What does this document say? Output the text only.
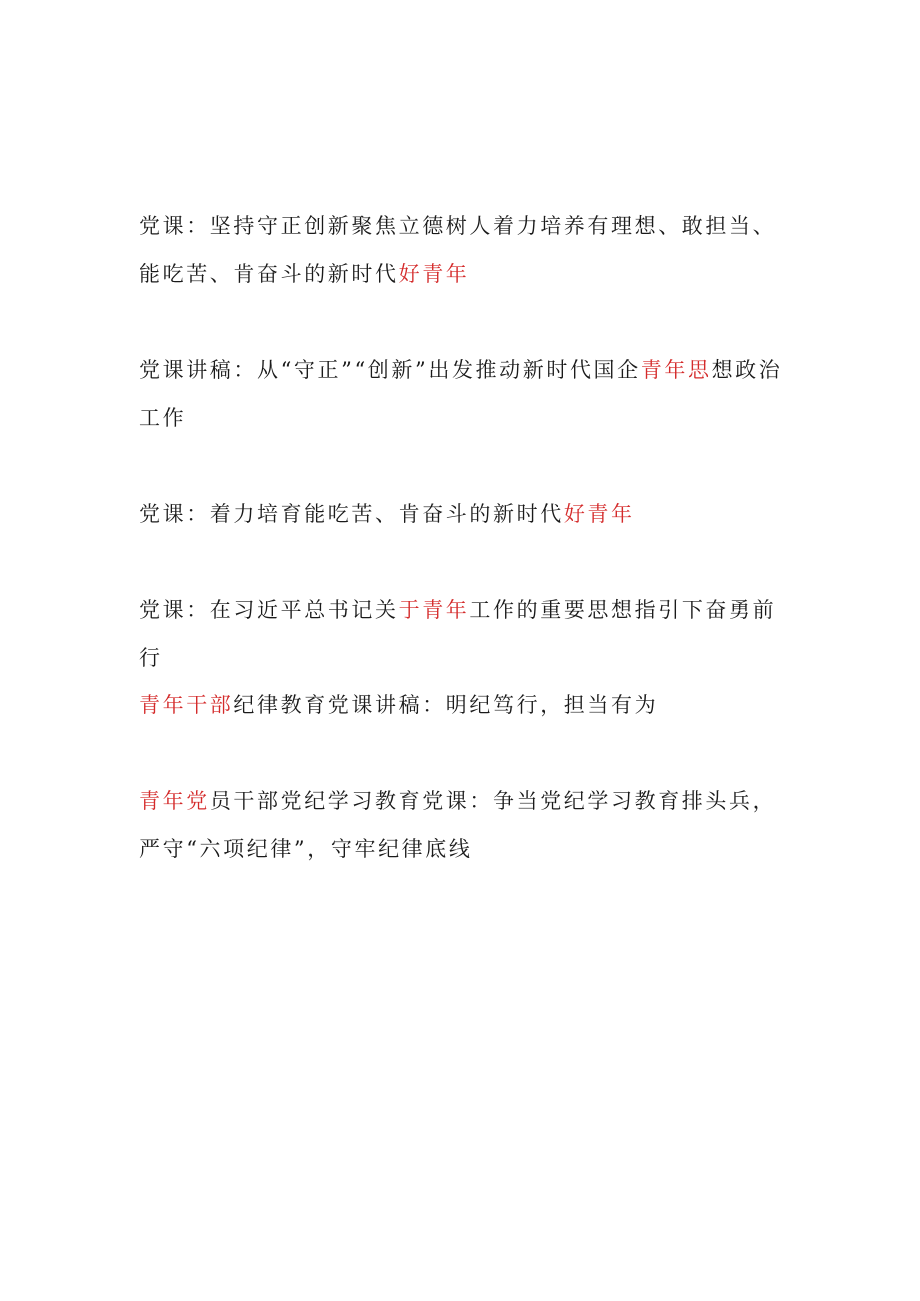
党课：坚持守正创新聚焦立德树人着力培养有理想、敢担当、能吃苦、肯奋斗的新时代好青年

党课讲稿：从“守正”“创新”出发推动新时代国企青年思想政治工作

党课：着力培育能吃苦、肯奋斗的新时代好青年

党课：在习近平总书记关于青年工作的重要思想指引下奋勇前行

青年干部纪律教育党课讲稿：明纪笃行，担当有为

青年党员干部党纪学习教育党课：争当党纪学习教育排头兵，严守“六项纪律”，守牢纪律底线
